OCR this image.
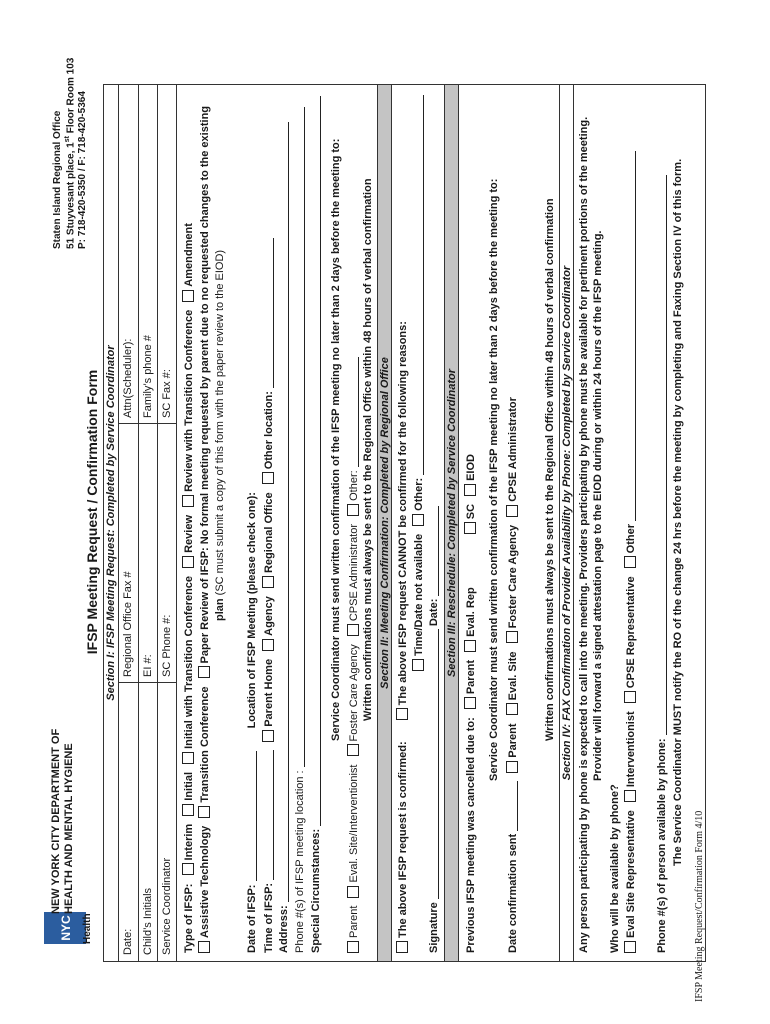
NYC
NEW YORK CITY DEPARTMENT OF HEALTH AND MENTAL HYGIENE
Health
Staten Island Regional Office 51 Stuyvesant place, 1st Floor Room 103 P: 718-420-5350 / F: 718-420-5364
IFSP Meeting Request / Confirmation Form Section I: IFSP Meeting Request: Completed by Service Coordinator
Date:
Regional Office Fax #
Attn(Scheduler):
Child’s Initials
EI #:
Family’s phone #
Service Coordinator
SC Phone #:
SC Fax #:
Type of IFSP: Interim Initial Initial with Transition Conference Review Review with Transition Conference Amendment
Assistive Technology Transition Conference Paper Review of IFSP: No formal meeting requested by parent due to no requested changes to the existing
plan (SC must submit a copy of this form with the paper review to the EIOD)
Date of IFSP:  Location of IFSP Meeting (please check one):
Time of IFSP:  Parent Home Agency Regional Office Other location:
Address: Phone #(s) of IFSP meeting location : Special Circumstances:
Service Coordinator must send written confirmation of the IFSP meeting no later than 2 days before the meeting to:
Parent Eval. Site/Interventionist Foster Care Agency CPSE Administrator Other: Written confirmations must always be sent to the Regional Office within 48 hours of verbal confirmation Section II: Meeting Confirmation: Completed by Regional Office
The above IFSP request is confirmed: The above IFSP request CANNOT be confirmed for the following reasons: Time/Date not available Other:
Signature  Date: Section III: Reschedule: Completed by Service Coordinator
Previous IFSP meeting was cancelled due to: Parent Eval. Rep SC EIOD Service Coordinator must send written confirmation of the IFSP meeting no later than 2 days before the meeting to:
Date confirmation sent  Parent Eval. Site Foster Care Agency CPSE Administrator Written confirmations must always be sent to the Regional Office within 48 hours of verbal confirmation Section IV: FAX Confirmation of Provider Availability by Phone: Completed by Service Coordinator Any person participating by phone is expected to call into the meeting. Providers participating by phone must be available for pertinent portions of the meeting. Provider will forward a signed attestation page to the EIOD during or within 24 hours of the IFSP meeting.
Who will be available by phone? Eval Site Representative Interventionist CPSE Representative Other
Phone #(s) of person available by phone: The Service Coordinator MUST notify the RO of the change 24 hrs before the meeting by completing and Faxing Section IV of this form.
IFSP Meeting Request/Confirmation Form 4/10
